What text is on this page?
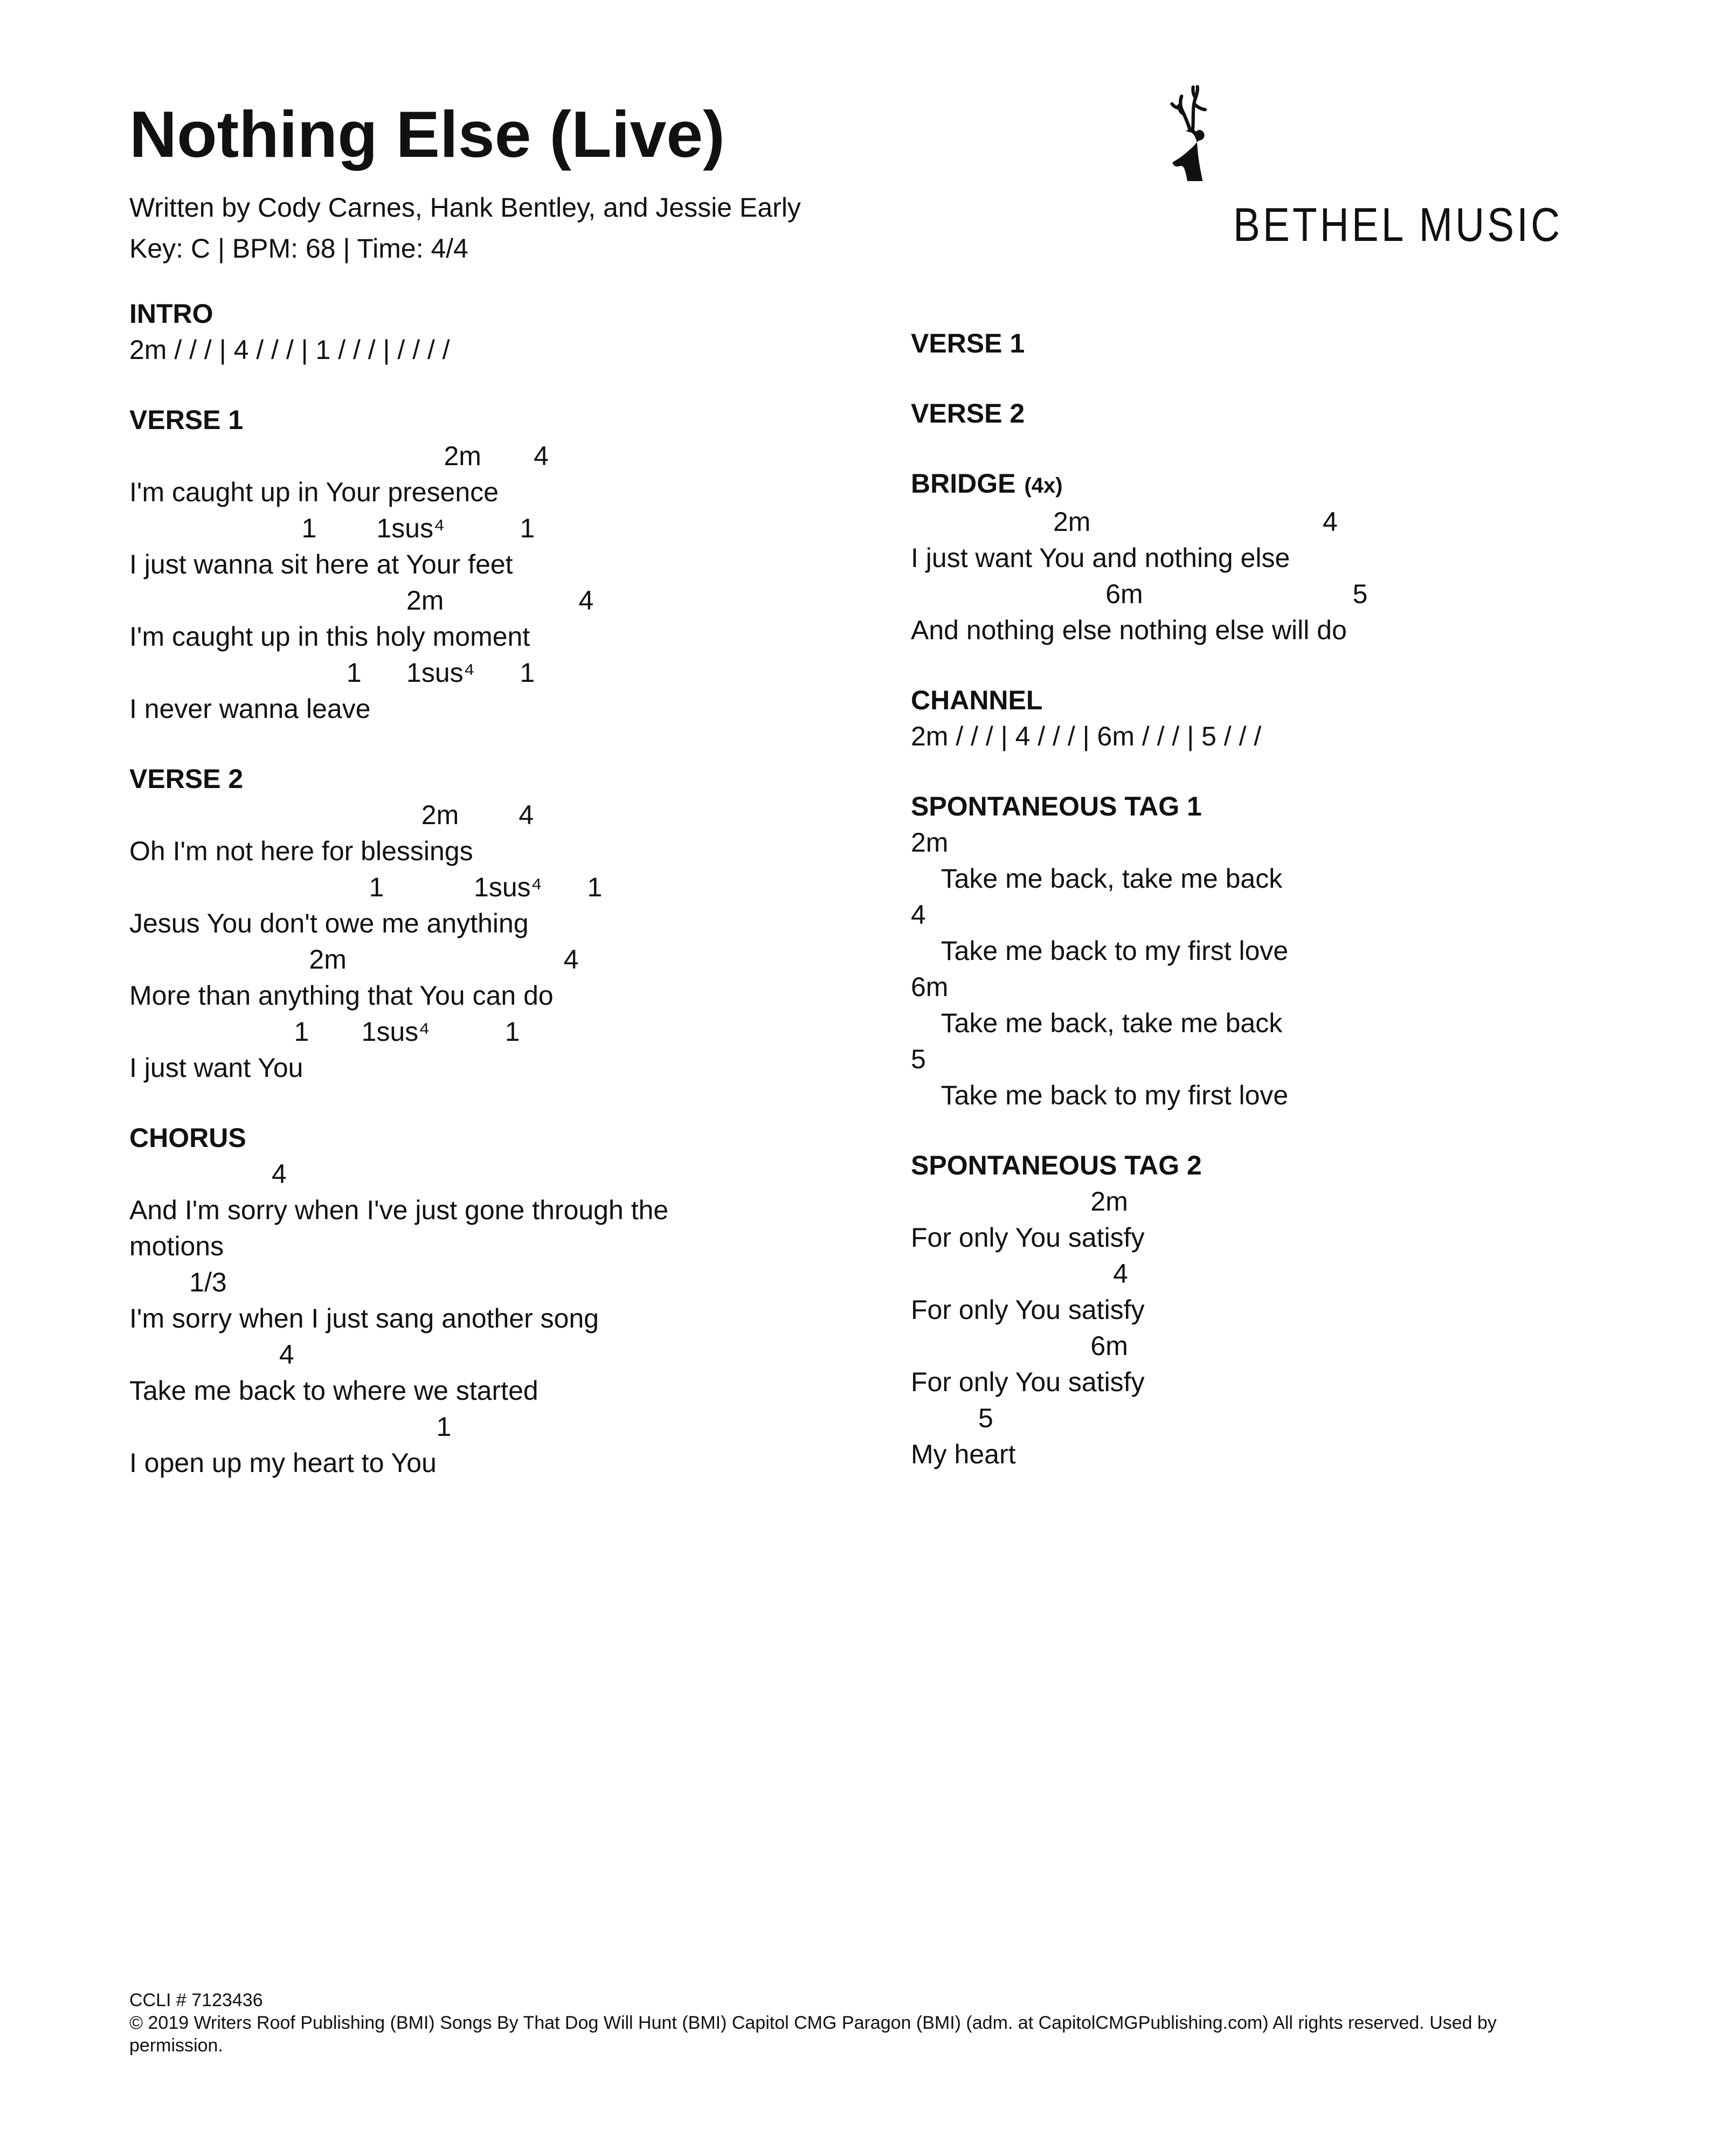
Nothing Else (Live)
Written by Cody Carnes, Hank Bentley, and Jessie Early
Key: C | BPM: 68 | Time: 4/4	BETHEL MUSIC
INTRO
2m / / / | 4 / / / | 1 / / / | / / / /
VERSE 1
2m       4
I'm caught up in Your presence
1        1sus⁴          1
I just wanna sit here at Your feet
2m                  4
I'm caught up in this holy moment
1      1sus⁴      1
I never wanna leave
VERSE 2
2m        4
Oh I'm not here for blessings
1            1sus⁴      1
Jesus You don't owe me anything
2m                             4
More than anything that You can do
1       1sus⁴          1
I just want You
CHORUS
4
And I'm sorry when I've just gone through the motions
1/3
I'm sorry when I just sang another song
4
Take me back to where we started
1
I open up my heart to You
VERSE 1
VERSE 2
BRIDGE (4x)
2m                               4
I just want You and nothing else
6m                            5
And nothing else nothing else will do
CHANNEL
2m / / / | 4 / / / | 6m / / / | 5 / / /
SPONTANEOUS TAG 1
2m
Take me back, take me back
4
Take me back to my first love
6m
Take me back, take me back
5
Take me back to my first love
SPONTANEOUS TAG 2
2m
For only You satisfy
4
For only You satisfy
6m
For only You satisfy
5
My heart
CCLI # 7123436
© 2019 Writers Roof Publishing (BMI) Songs By That Dog Will Hunt (BMI) Capitol CMG Paragon (BMI) (adm. at CapitolCMGPublishing.com) All rights reserved. Used by
permission.
